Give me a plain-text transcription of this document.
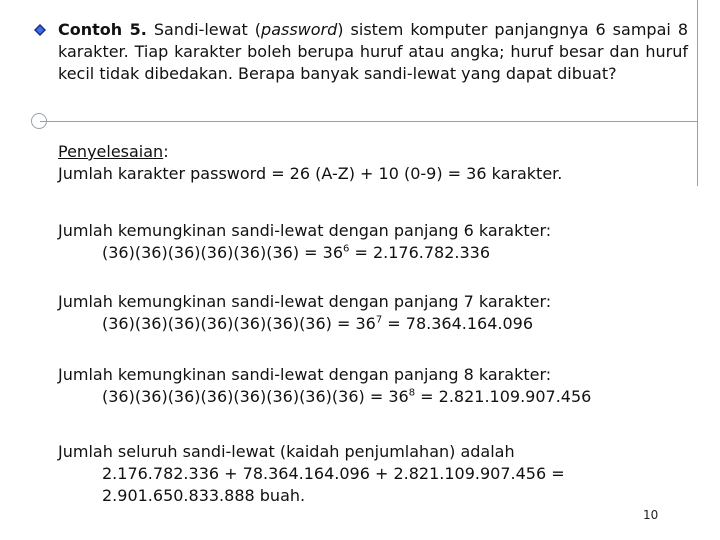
Contoh 5. Sandi-lewat (password) sistem komputer panjangnya 6 sampai 8 karakter. Tiap karakter boleh berupa huruf atau angka; huruf besar dan huruf kecil tidak dibedakan. Berapa banyak sandi-lewat yang dapat dibuat?

Penyelesaian:
Jumlah karakter password = 26 (A-Z) + 10 (0-9) = 36 karakter.
Jumlah kemungkinan sandi-lewat dengan panjang 6 karakter:
$(36)(36)(36)(36)(36)(36) = 36^6 = 2.176.782.336$
Jumlah kemungkinan sandi-lewat dengan panjang 7 karakter:
$(36)(36)(36)(36)(36)(36)(36) = 36^7 = 78.364.164.096$
Jumlah kemungkinan sandi-lewat dengan panjang 8 karakter:
$(36)(36)(36)(36)(36)(36)(36)(36) = 36^8 = 2.821.109.907.456$
Jumlah seluruh sandi-lewat (kaidah penjumlahan) adalah
2.176.782.336 + 78.364.164.096 + 2.821.109.907.456 =
2.901.650.833.888 buah.
10
